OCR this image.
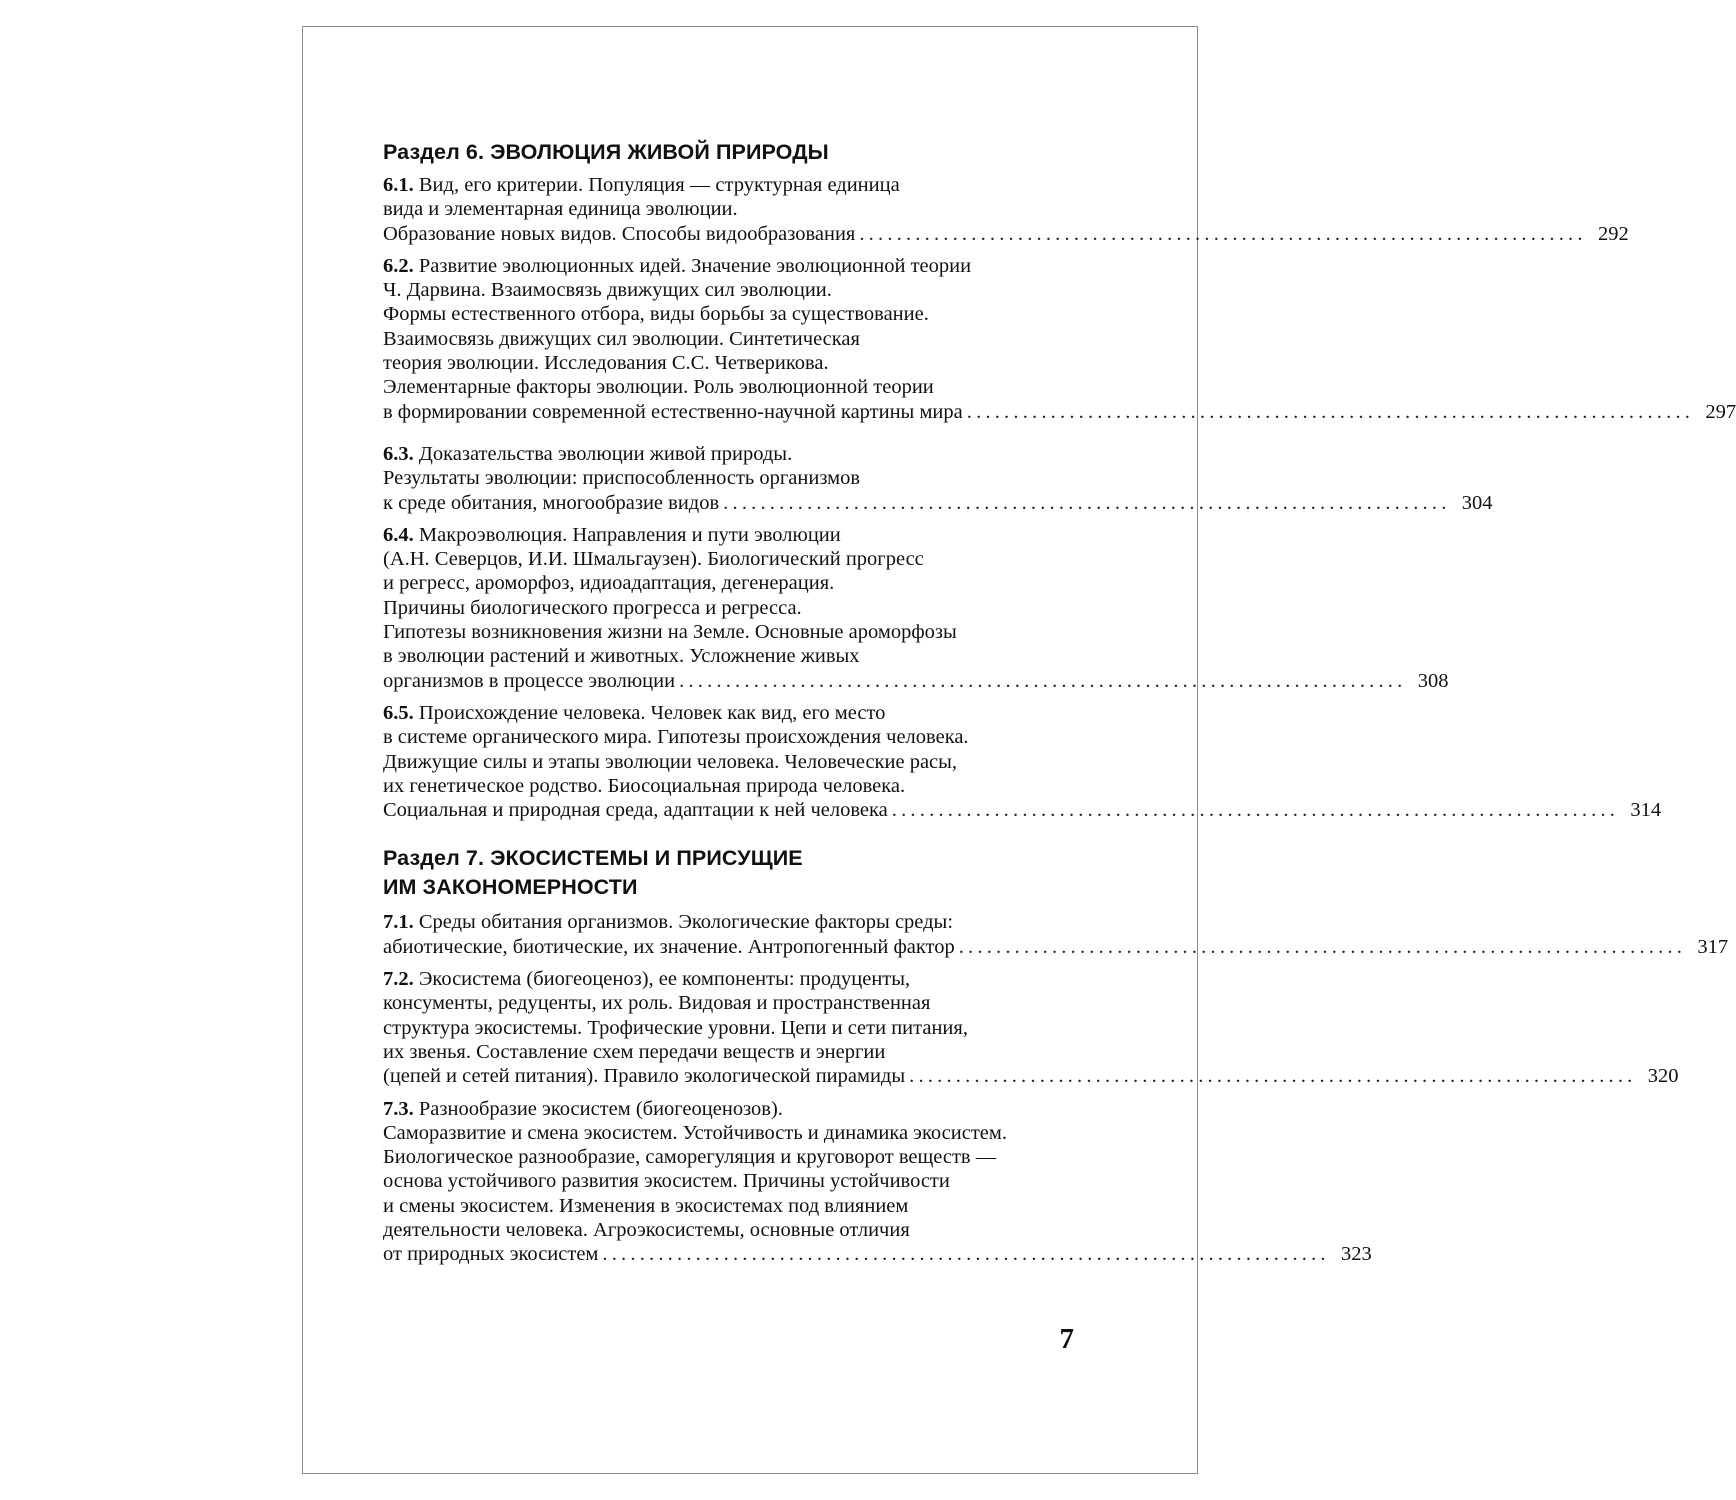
Раздел 6. ЭВОЛЮЦИЯ ЖИВОЙ ПРИРОДЫ
6.1. Вид, его критерии. Популяция — структурная единица
вида и элементарная единица эволюции.
Образование новых видов. Способы видообразования .............................................................................. 292
6.2. Развитие эволюционных идей. Значение эволюционной теории
Ч. Дарвина. Взаимосвязь движущих сил эволюции.
Формы естественного отбора, виды борьбы за существование.
Взаимосвязь движущих сил эволюции. Синтетическая
теория эволюции. Исследования С.С. Четверикова.
Элементарные факторы эволюции. Роль эволюционной теории
в формировании современной естественно-научной картины мира .............................................................................. 297
6.3. Доказательства эволюции живой природы.
Результаты эволюции: приспособленность организмов
к среде обитания, многообразие видов .............................................................................. 304
6.4. Макроэволюция. Направления и пути эволюции
(А.Н. Северцов, И.И. Шмальгаузен). Биологический прогресс
и регресс, ароморфоз, идиоадаптация, дегенерация.
Причины биологического прогресса и регресса.
Гипотезы возникновения жизни на Земле. Основные ароморфозы
в эволюции растений и животных. Усложнение живых
организмов в процессе эволюции .............................................................................. 308
6.5. Происхождение человека. Человек как вид, его место
в системе органического мира. Гипотезы происхождения человека.
Движущие силы и этапы эволюции человека. Человеческие расы,
их генетическое родство. Биосоциальная природа человека.
Социальная и природная среда, адаптации к ней человека .............................................................................. 314
Раздел 7. ЭКОСИСТЕМЫ И ПРИСУЩИЕ
ИМ ЗАКОНОМЕРНОСТИ
7.1. Среды обитания организмов. Экологические факторы среды:
абиотические, биотические, их значение. Антропогенный фактор .............................................................................. 317
7.2. Экосистема (биогеоценоз), ее компоненты: продуценты,
консументы, редуценты, их роль. Видовая и пространственная
структура экосистемы. Трофические уровни. Цепи и сети питания,
их звенья. Составление схем передачи веществ и энергии
(цепей и сетей питания). Правило экологической пирамиды .............................................................................. 320
7.3. Разнообразие экосистем (биогеоценозов).
Саморазвитие и смена экосистем. Устойчивость и динамика экосистем.
Биологическое разнообразие, саморегуляция и круговорот веществ —
основа устойчивого развития экосистем. Причины устойчивости
и смены экосистем. Изменения в экосистемах под влиянием
деятельности человека. Агроэкосистемы, основные отличия
от природных экосистем .............................................................................. 323
7
